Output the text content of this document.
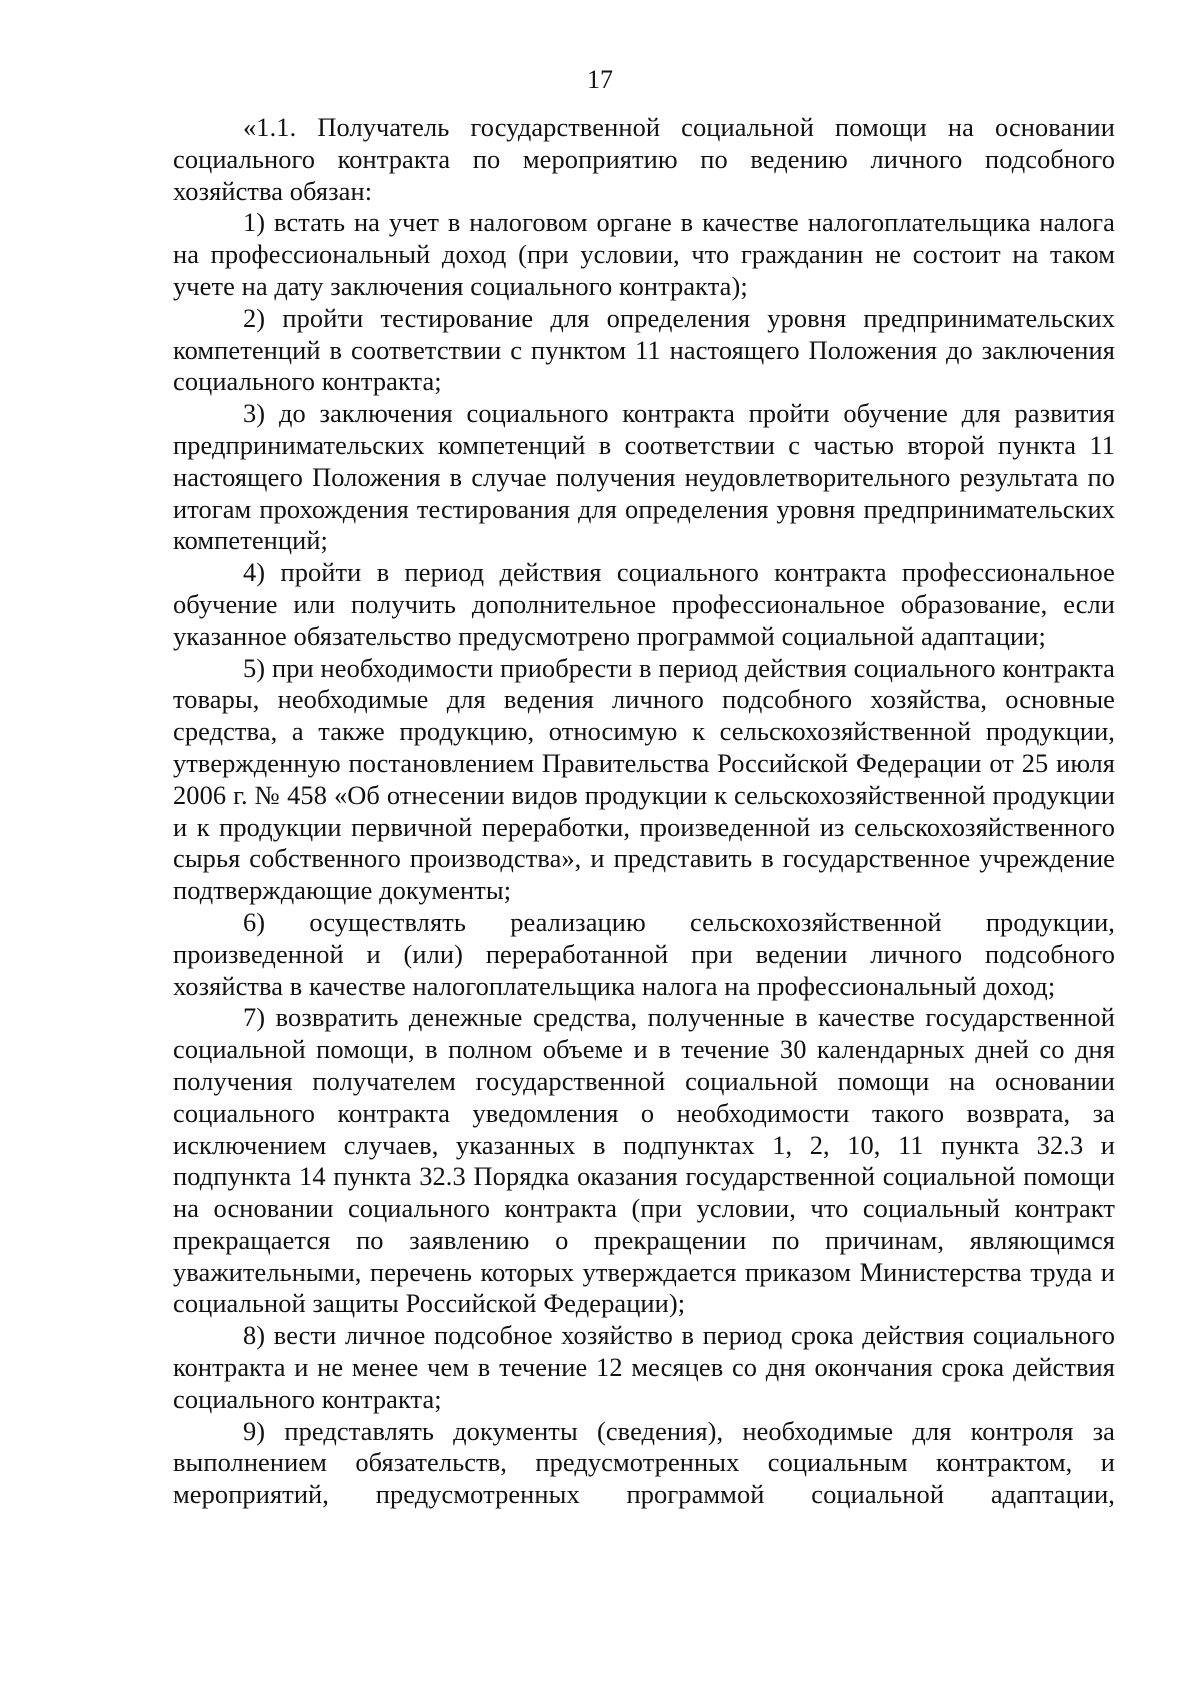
17

«1.1. Получатель государственной социальной помощи на основании социального контракта по мероприятию по ведению личного подсобного хозяйства обязан:

1) встать на учет в налоговом органе в качестве налогоплательщика налога на профессиональный доход (при условии, что гражданин не состоит на таком учете на дату заключения социального контракта);

2) пройти тестирование для определения уровня предпринимательских компетенций в соответствии с пунктом 11 настоящего Положения до заключения социального контракта;

3) до заключения социального контракта пройти обучение для развития предпринимательских компетенций в соответствии с частью второй пункта 11 настоящего Положения в случае получения неудовлетворительного результата по итогам прохождения тестирования для определения уровня предпринимательских компетенций;

4) пройти в период действия социального контракта профессиональное обучение или получить дополнительное профессиональное образование, если указанное обязательство предусмотрено программой социальной адаптации;

5) при необходимости приобрести в период действия социального контракта товары, необходимые для ведения личного подсобного хозяйства, основные средства, а также продукцию, относимую к сельскохозяйственной продукции, утвержденную постановлением Правительства Российской Федерации от 25 июля 2006 г. № 458 «Об отнесении видов продукции к сельскохозяйственной продукции и к продукции первичной переработки, произведенной из сельскохозяйственного сырья собственного производства», и представить в государственное учреждение подтверждающие документы;

6) осуществлять реализацию сельскохозяйственной продукции, произведенной и (или) переработанной при ведении личного подсобного хозяйства в качестве налогоплательщика налога на профессиональный доход;

7) возвратить денежные средства, полученные в качестве государственной социальной помощи, в полном объеме и в течение 30 календарных дней со дня получения получателем государственной социальной помощи на основании социального контракта уведомления о необходимости такого возврата, за исключением случаев, указанных в подпунктах 1, 2, 10, 11 пункта 32.3 и подпункта 14 пункта 32.3 Порядка оказания государственной социальной помощи на основании социального контракта (при условии, что социальный контракт прекращается по заявлению о прекращении по причинам, являющимся уважительными, перечень которых утверждается приказом Министерства труда и социальной защиты Российской Федерации);

8) вести личное подсобное хозяйство в период срока действия социального контракта и не менее чем в течение 12 месяцев со дня окончания срока действия социального контракта;

9) представлять документы (сведения), необходимые для контроля за выполнением обязательств, предусмотренных социальным контрактом, и мероприятий, предусмотренных программой социальной адаптации,
